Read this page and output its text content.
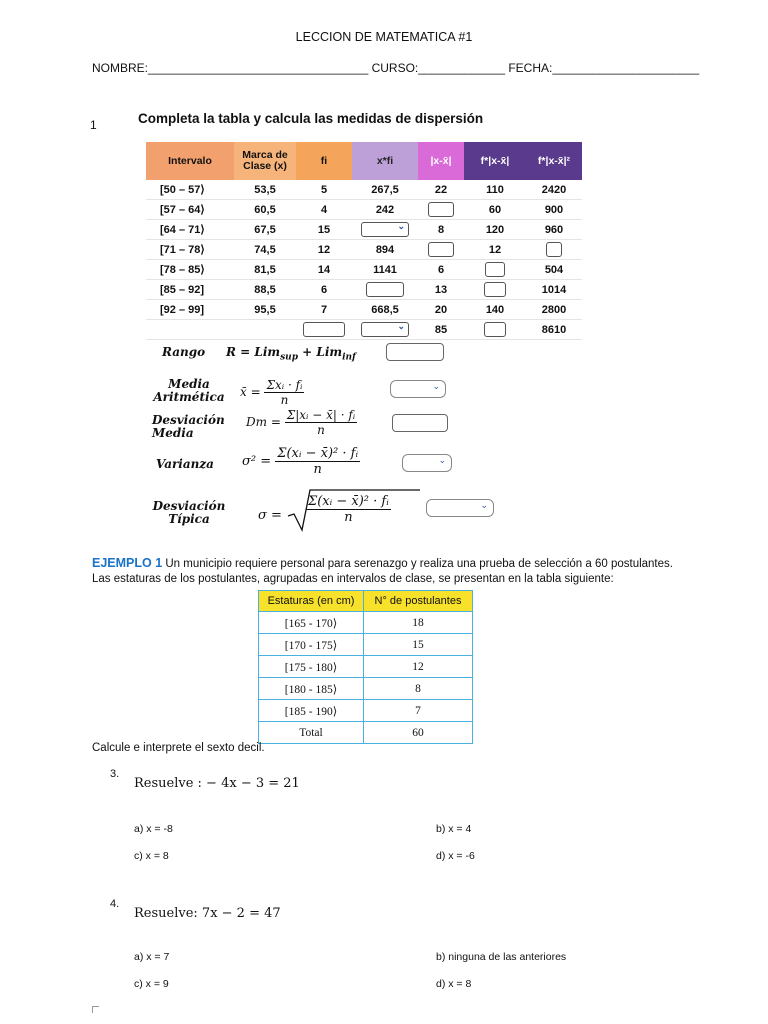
LECCION DE MATEMATICA #1
NOMBRE:_________________________________ CURSO:_____________ FECHA:______________________
1	Completa la tabla y calcula las medidas de dispersión
Intervalo	Marca de Clase (x)	fi	x*fi	|x-x̄|	f*|x-x̄|	f*|x-x̄|²
[50 – 57⟩	53,5	5	267,5	22	110	2420
[57 – 64⟩	60,5	4	242		60	900
[64 – 71⟩	67,5	15	⌄	8	120	960
[71 – 78⟩	74,5	12	894		12	
[78 – 85⟩	81,5	14	1141	6		504
[85 – 92]	88,5	6		13		1014
[92 – 99]	95,5	7	668,5	20	140	2800

			⌄	85		8610
Rango R = Lim$_{sup}$ + Lim$_{inf}$
Media Aritmética	x̄ = $\frac{\text{Σxᵢ · fᵢ}}{n}$	⌄
Desviación Media
$Dm = \frac{\text{Σ|xᵢ − x̄| · fᵢ}}{n}$
Varianza $\sigma^2 = \frac{\text{Σ(xᵢ − x̄)² · fᵢ}}{n}$	⌄
Desviación Típica	$\sigma = \frac{\text{Σ(xᵢ − x̄)² · fᵢ}}{n}$	⌄
EJEMPLO 1 Un municipio requiere personal para serenazgo y realiza una prueba de selección a 60 postulantes. Las estaturas de los postulantes, agrupadas en intervalos de clase, se presentan en la tabla siguiente:
Estaturas (en cm)	N° de postulantes
[165 - 170⟩	18
[170 - 175⟩	15
[175 - 180⟩	12
[180 - 185⟩	8
[185 - 190⟩	7
Total	60
Calcule e interprete el sexto decil.
3.
Resuelve : − 4x − 3 = 21
a) x = -8	b) x = 4
c) x = 8	d) x = -6
4.
Resuelve: 7x − 2 = 47
a) x = 7	b) ninguna de las anteriores
c) x = 9	d) x = 8
